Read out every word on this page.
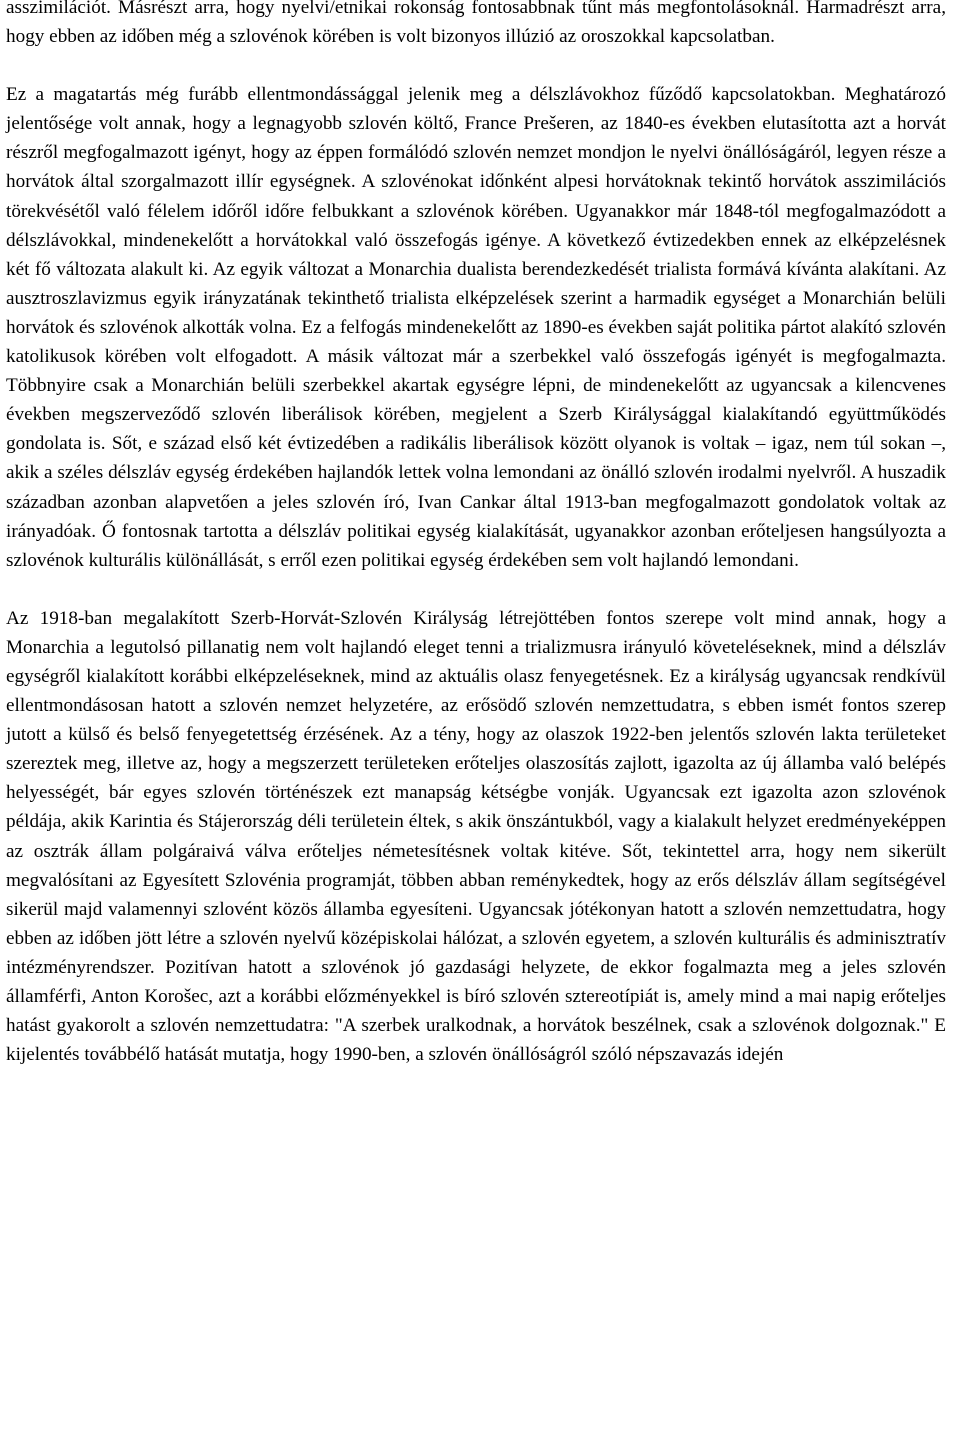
asszimilációt. Másrészt arra, hogy nyelvi/etnikai rokonság fontosabbnak tűnt más megfontolásoknál. Harmadrészt arra, hogy ebben az időben még a szlovénok körében is volt bizonyos illúzió az oroszokkal kapcsolatban.

Ez a magatartás még furább ellentmondássággal jelenik meg a délszlávokhoz fűződő kapcsolatokban. Meghatározó jelentősége volt annak, hogy a legnagyobb szlovén költő, France Prešeren, az 1840-es években elutasította azt a horvát részről megfogalmazott igényt, hogy az éppen formálódó szlovén nemzet mondjon le nyelvi önállóságáról, legyen része a horvátok által szorgalmazott illír egységnek. A szlovénokat időnként alpesi horvátoknak tekintő horvátok asszimilációs törekvésétől való félelem időről időre felbukkant a szlovénok körében. Ugyanakkor már 1848-tól megfogalmazódott a délszlávokkal, mindenekelőtt a horvátokkal való összefogás igénye. A következő évtizedekben ennek az elképzelésnek két fő változata alakult ki. Az egyik változat a Monarchia dualista berendezkedését trialista formává kívánta alakítani. Az ausztroszlavizmus egyik irányzatának tekinthető trialista elképzelések szerint a harmadik egységet a Monarchián belüli horvátok és szlovénok alkották volna. Ez a felfogás mindenekelőtt az 1890-es években saját politika pártot alakító szlovén katolikusok körében volt elfogadott. A másik változat már a szerbekkel való összefogás igényét is megfogalmazta. Többnyire csak a Monarchián belüli szerbekkel akartak egységre lépni, de mindenekelőtt az ugyancsak a kilencvenes években megszerveződő szlovén liberálisok körében, megjelent a Szerb Királysággal kialakítandó együttműködés gondolata is. Sőt, e század első két évtizedében a radikális liberálisok között olyanok is voltak – igaz, nem túl sokan –, akik a széles délszláv egység érdekében hajlandók lettek volna lemondani az önálló szlovén irodalmi nyelvről. A huszadik században azonban alapvetően a jeles szlovén író, Ivan Cankar által 1913-ban megfogalmazott gondolatok voltak az irányadóak. Ő fontosnak tartotta a délszláv politikai egység kialakítását, ugyanakkor azonban erőteljesen hangsúlyozta a szlovénok kulturális különállását, s erről ezen politikai egység érdekében sem volt hajlandó lemondani.

Az 1918-ban megalakított Szerb-Horvát-Szlovén Királyság létrejöttében fontos szerepe volt mind annak, hogy a Monarchia a legutolsó pillanatig nem volt hajlandó eleget tenni a trializmusra irányuló követeléseknek, mind a délszláv egységről kialakított korábbi elképzeléseknek, mind az aktuális olasz fenyegetésnek. Ez a királyság ugyancsak rendkívül ellentmondásosan hatott a szlovén nemzet helyzetére, az erősödő szlovén nemzettudatra, s ebben ismét fontos szerep jutott a külső és belső fenyegetettség érzésének. Az a tény, hogy az olaszok 1922-ben jelentős szlovén lakta területeket szereztek meg, illetve az, hogy a megszerzett területeken erőteljes olaszosítás zajlott, igazolta az új államba való belépés helyességét, bár egyes szlovén történészek ezt manapság kétségbe vonják. Ugyancsak ezt igazolta azon szlovénok példája, akik Karintia és Stájerország déli területein éltek, s akik önszántukból, vagy a kialakult helyzet eredményeképpen az osztrák állam polgáraivá válva erőteljes németesítésnek voltak kitéve. Sőt, tekintettel arra, hogy nem sikerült megvalósítani az Egyesített Szlovénia programját, többen abban reménykedtek, hogy az erős délszláv állam segítségével sikerül majd valamennyi szlovént közös államba egyesíteni. Ugyancsak jótékonyan hatott a szlovén nemzettudatra, hogy ebben az időben jött létre a szlovén nyelvű középiskolai hálózat, a szlovén egyetem, a szlovén kulturális és adminisztratív intézményrendszer. Pozitívan hatott a szlovénok jó gazdasági helyzete, de ekkor fogalmazta meg a jeles szlovén államférfi, Anton Korošec, azt a korábbi előzményekkel is bíró szlovén sztereotípiát is, amely mind a mai napig erőteljes hatást gyakorolt a szlovén nemzettudatra: "A szerbek uralkodnak, a horvátok beszélnek, csak a szlovénok dolgoznak." E kijelentés továbbélő hatását mutatja, hogy 1990-ben, a szlovén önállóságról szóló népszavazás idején
